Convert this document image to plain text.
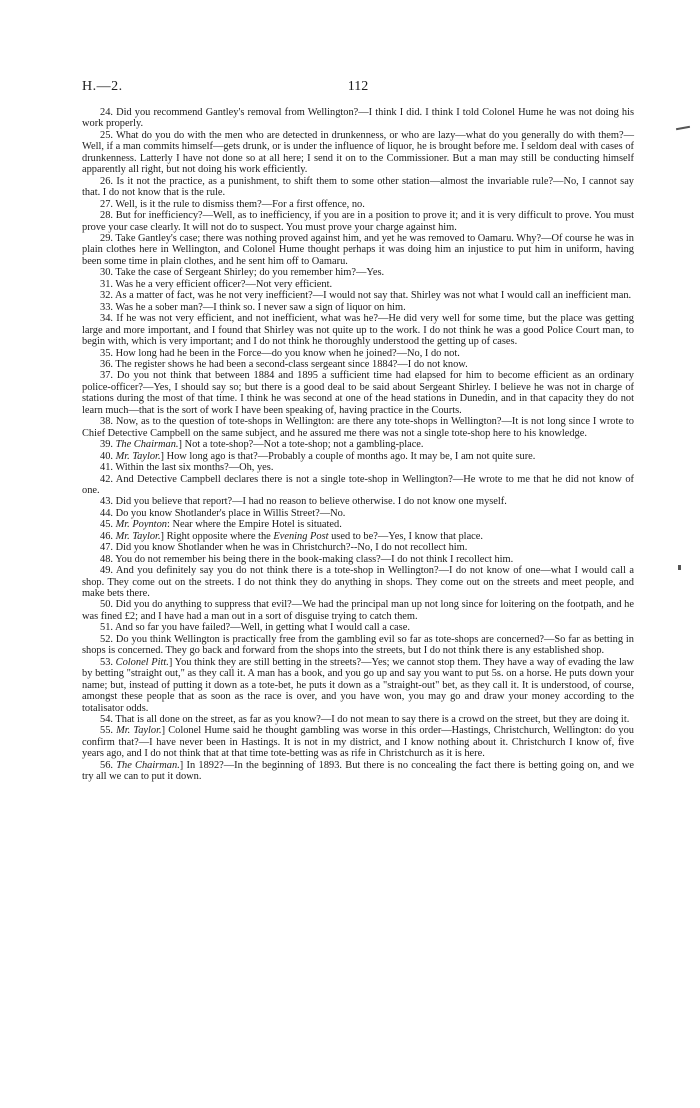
H.—2.	112

24. Did you recommend Gantley's removal from Wellington?—I think I did. I think I told Colonel Hume he was not doing his work properly.

25. What do you do with the men who are detected in drunkenness, or who are lazy—what do you generally do with them?—Well, if a man commits himself—gets drunk, or is under the influence of liquor, he is brought before me. I seldom deal with cases of drunkenness. Latterly I have not done so at all here; I send it on to the Commissioner. But a man may still be conducting himself apparently all right, but not doing his work efficiently.

26. Is it not the practice, as a punishment, to shift them to some other station—almost the invariable rule?—No, I cannot say that. I do not know that is the rule.

27. Well, is it the rule to dismiss them?—For a first offence, no.

28. But for inefficiency?—Well, as to inefficiency, if you are in a position to prove it; and it is very difficult to prove. You must prove your case clearly. It will not do to suspect. You must prove your charge against him.

29. Take Gantley's case; there was nothing proved against him, and yet he was removed to Oamaru. Why?—Of course he was in plain clothes here in Wellington, and Colonel Hume thought perhaps it was doing him an injustice to put him in uniform, having been some time in plain clothes, and he sent him off to Oamaru.

30. Take the case of Sergeant Shirley; do you remember him?—Yes.

31. Was he a very efficient officer?—Not very efficient.

32. As a matter of fact, was he not very inefficient?—I would not say that. Shirley was not what I would call an inefficient man.

33. Was he a sober man?—I think so. I never saw a sign of liquor on him.

34. If he was not very efficient, and not inefficient, what was he?—He did very well for some time, but the place was getting large and more important, and I found that Shirley was not quite up to the work. I do not think he was a good Police Court man, to begin with, which is very important; and I do not think he thoroughly understood the getting up of cases.

35. How long had he been in the Force—do you know when he joined?—No, I do not.

36. The register shows he had been a second-class sergeant since 1884?—I do not know.

37. Do you not think that between 1884 and 1895 a sufficient time had elapsed for him to become efficient as an ordinary police-officer?—Yes, I should say so; but there is a good deal to be said about Sergeant Shirley. I believe he was not in charge of stations during the most of that time. I think he was second at one of the head stations in Dunedin, and in that capacity they do not learn much—that is the sort of work I have been speaking of, having practice in the Courts.

38. Now, as to the question of tote-shops in Wellington: are there any tote-shops in Wellington?—It is not long since I wrote to Chief Detective Campbell on the same subject, and he assured me there was not a single tote-shop here to his knowledge.

39. The Chairman.] Not a tote-shop?—Not a tote-shop; not a gambling-place.

40. Mr. Taylor.] How long ago is that?—Probably a couple of months ago. It may be, I am not quite sure.

41. Within the last six months?—Oh, yes.

42. And Detective Campbell declares there is not a single tote-shop in Wellington?—He wrote to me that he did not know of one.

43. Did you believe that report?—I had no reason to believe otherwise. I do not know one myself.

44. Do you know Shotlander's place in Willis Street?—No.

45. Mr. Poynton: Near where the Empire Hotel is situated.

46. Mr. Taylor.] Right opposite where the Evening Post used to be?—Yes, I know that place.

47. Did you know Shotlander when he was in Christchurch?--No, I do not recollect him.

48. You do not remember his being there in the book-making class?—I do not think I recollect him.

49. And you definitely say you do not think there is a tote-shop in Wellington?—I do not know of one—what I would call a shop. They come out on the streets. I do not think they do anything in shops. They come out on the streets and meet people, and make bets there.

50. Did you do anything to suppress that evil?—We had the principal man up not long since for loitering on the footpath, and he was fined £2; and I have had a man out in a sort of disguise trying to catch them.

51. And so far you have failed?—Well, in getting what I would call a case.

52. Do you think Wellington is practically free from the gambling evil so far as tote-shops are concerned?—So far as betting in shops is concerned. They go back and forward from the shops into the streets, but I do not think there is any established shop.

53. Colonel Pitt.] You think they are still betting in the streets?—Yes; we cannot stop them. They have a way of evading the law by betting "straight out," as they call it. A man has a book, and you go up and say you want to put 5s. on a horse. He puts down your name; but, instead of putting it down as a tote-bet, he puts it down as a "straight-out" bet, as they call it. It is understood, of course, amongst these people that as soon as the race is over, and you have won, you may go and draw your money according to the totalisator odds.

54. That is all done on the street, as far as you know?—I do not mean to say there is a crowd on the street, but they are doing it.

55. Mr. Taylor.] Colonel Hume said he thought gambling was worse in this order—Hastings, Christchurch, Wellington: do you confirm that?—I have never been in Hastings. It is not in my district, and I know nothing about it. Christchurch I know of, five years ago, and I do not think that at that time tote-betting was as rife in Christchurch as it is here.

56. The Chairman.] In 1892?—In the beginning of 1893. But there is no concealing the fact there is betting going on, and we try all we can to put it down.
